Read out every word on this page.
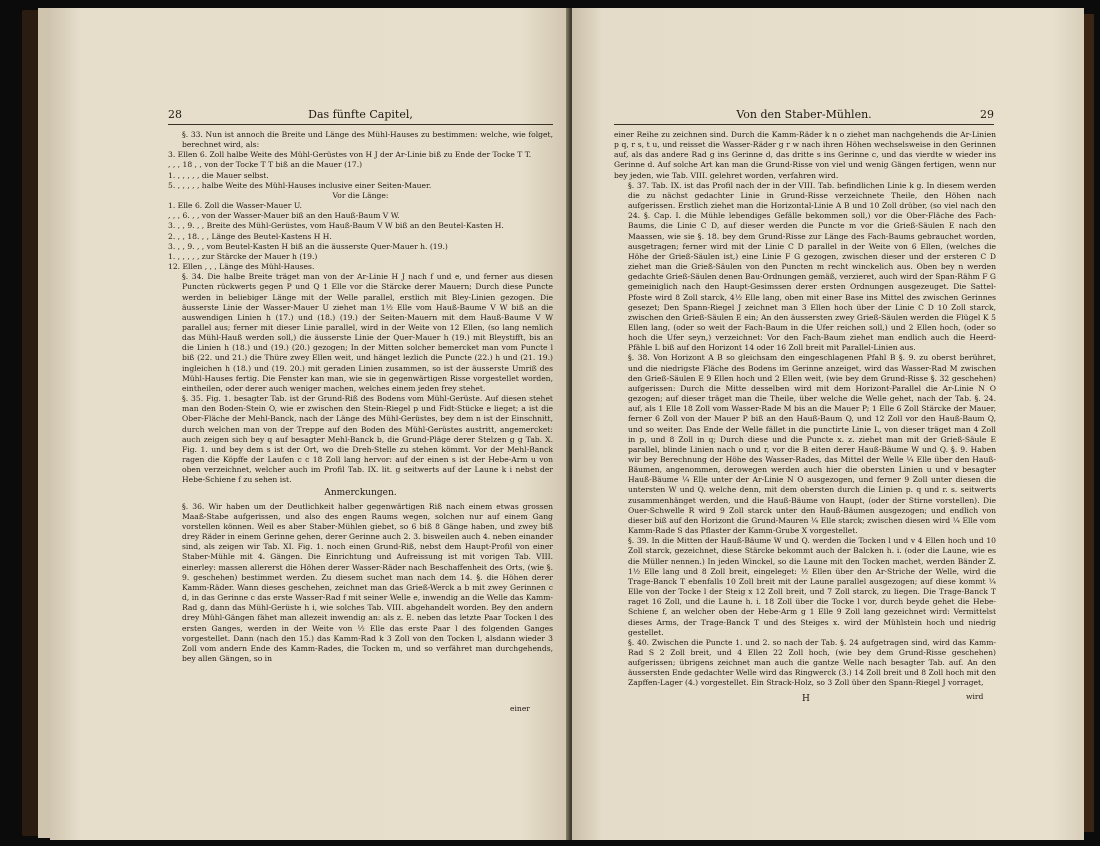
28	Das fünfte Capitel,

§. 33. Nun ist annoch die Breite und Länge des Mühl-Hauses zu bestimmen: welche, wie folget, berechnet wird, als:

3. Ellen 6. Zoll halbe Weite des Mühl-Gerüstes von H J der Ar-Linie biß zu Ende der Tocke T T.

, , , 18 , , von der Tocke T T biß an die Mauer (17.)

1. , , , , , die Mauer selbst.

5. , , , , , halbe Weite des Mühl-Hauses inclusive einer Seiten-Mauer.

Vor die Länge:

1. Elle 6. Zoll die Wasser-Mauer U.

, , , 6. , , von der Wasser-Mauer biß an den Hauß-Baum V W.

3. , , 9. , , Breite des Mühl-Gerüstes, vom Hauß-Baum V W biß an den Beutel-Kasten H.

2. , , 18. , , Länge des Beutel-Kastens H H.

3. , , 9. , , vom Beutel-Kasten H biß an die äusserste Quer-Mauer h. (19.)

1. , , , , , zur Stärcke der Mauer h (19.)

12. Ellen , , , Länge des Mühl-Hauses.

§. 34. Die halbe Breite träget man von der Ar-Linie H J nach f und e, und ferner aus diesen Puncten rückwerts gegen P und Q 1 Elle vor die Stärcke derer Mauern; Durch diese Puncte werden in beliebiger Länge mit der Welle parallel, erstlich mit Bley-Linien gezogen. Die äusserste Linie der Wasser-Mauer U ziehet man 1½ Elle vom Hauß-Baume V W biß an die auswendigen Linien h (17.) und (18.) (19.) der Seiten-Mauern mit dem Hauß-Baume V W parallel aus; ferner mit dieser Linie parallel, wird in der Weite von 12 Ellen, (so lang nemlich das Mühl-Hauß werden soll,) die äusserste Linie der Quer-Mauer h (19.) mit Bleystifft, bis an die Linien h (18.) und (19.) (20.) gezogen; In der Mitten solcher bemercket man vom Puncte l biß (22. und 21.) die Thüre zwey Ellen weit, und hänget lezlich die Puncte (22.) h und (21. 19.) ingleichen h (18.) und (19. 20.) mit geraden Linien zusammen, so ist der äusserste Umriß des Mühl-Hauses fertig. Die Fenster kan man, wie sie in gegenwärtigen Risse vorgestellet worden, eintheilen, oder derer auch weniger machen, welches einem jeden frey stehet.

§. 35. Fig. 1. besagter Tab. ist der Grund-Riß des Bodens vom Mühl-Gerüste. Auf diesen stehet man den Boden-Stein O, wie er zwischen den Stein-Riegel p und Fidt-Stücke e lieget; a ist die Ober-Fläche der Mehl-Banck, nach der Länge des Mühl-Gerüstes, bey dem n ist der Einschnitt, durch welchen man von der Treppe auf den Boden des Mühl-Gerüstes austritt, angemercket: auch zeigen sich bey q auf besagter Mehl-Banck b, die Grund-Pläge derer Stelzen g g Tab. X. Fig. 1. und bey dem s ist der Ort, wo die Dreh-Stelle zu stehen kömmt. Vor der Mehl-Banck ragen die Köpffe der Laufen c c 18 Zoll lang hervor: auf der einen s ist der Hebe-Arm u von oben verzeichnet, welcher auch im Profil Tab. IX. lit. g seitwerts auf der Laune k i nebst der Hebe-Schiene f zu sehen ist.

Anmerckungen.

§. 36. Wir haben um der Deutlichkeit halber gegenwärtigen Riß nach einem etwas grossen Maaß-Stabe aufgerissen, und also des engen Raums wegen, solchen nur auf einem Gang vorstellen können. Weil es aber Staber-Mühlen giebet, so 6 biß 8 Gänge haben, und zwey biß drey Räder in einem Gerinne gehen, derer Gerinne auch 2. 3. bisweilen auch 4. neben einander sind, als zeigen wir Tab. XI. Fig. 1. noch einen Grund-Riß, nebst dem Haupt-Profil von einer Staber-Mühle mit 4. Gängen. Die Einrichtung und Aufreissung ist mit vorigen Tab. VIII. einerley: massen allererst die Höhen derer Wasser-Räder nach Beschaffenheit des Orts, (wie §. 9. geschehen) bestimmet werden. Zu diesem suchet man nach dem 14. §. die Höhen derer Kamm-Räder. Wann dieses geschehen, zeichnet man das Grieß-Werck a b mit zwey Gerinnen c d, in das Gerinne c das erste Wasser-Rad f mit seiner Welle e, inwendig an die Welle das Kamm-Rad g, dann das Mühl-Gerüste h i, wie solches Tab. VIII. abgehandelt worden. Bey den andern drey Mühl-Gängen fähet man allezeit inwendig an: als z. E. neben das letzte Paar Tocken l des ersten Ganges, werden in der Weite von ½ Elle das erste Paar l des folgenden Ganges vorgestellet. Dann (nach den 15.) das Kamm-Rad k 3 Zoll von den Tocken l, alsdann wieder 3 Zoll vom andern Ende des Kamm-Rades, die Tocken m, und so verfähret man durchgehends, bey allen Gängen, so in

einer
Von den Staber-Mühlen.	29

einer Reihe zu zeichnen sind. Durch die Kamm-Räder k n o ziehet man nachgehends die Ar-Linien p q, r s, t u, und reisset die Wasser-Räder g r w nach ihren Höhen wechselsweise in den Gerinnen auf, als das andere Rad g ins Gerinne d, das dritte s ins Gerinne c, und das vierdte w wieder ins Gerinne d. Auf solche Art kan man die Grund-Risse von viel und wenig Gängen fertigen, wenn nur bey jeden, wie Tab. VIII. gelehret worden, verfahren wird.

§. 37. Tab. IX. ist das Profil nach der in der VIII. Tab. befindlichen Linie k g. In diesem werden die zu nächst gedachter Linie in Grund-Risse verzeichnete Theile, den Höhen nach aufgerissen. Erstlich ziehet man die Horizontal-Linie A B und 10 Zoll drüber, (so viel nach den 24. §. Cap. I. die Mühle lebendiges Gefälle bekommen soll,) vor die Ober-Fläche des Fach-Baums, die Linie C D, auf dieser werden die Puncte m vor die Grieß-Säulen E nach den Maassen, wie sie §. 18. bey dem Grund-Risse zur Länge des Fach-Baums gebrauchet worden, ausgetragen; ferner wird mit der Linie C D parallel in der Weite von 6 Ellen, (welches die Höhe der Grieß-Säulen ist,) eine Linie F G gezogen, zwischen dieser und der ersteren C D ziehet man die Grieß-Säulen von den Puncten m recht winckelich aus. Oben bey n werden gedachte Grieß-Säulen denen Bau-Ordnungen gemäß, verzieret, auch wird der Span-Rähm F G gemeiniglich nach den Haupt-Gesimssen derer ersten Ordnungen ausgezeuget. Die Sattel-Pfoste wird 8 Zoll starck, 4½ Elle lang, oben mit einer Base ins Mittel des zwischen Gerinnes gesezet; Den Spann-Riegel J zeichnet man 3 Ellen hoch über der Linie C D 10 Zoll starck, zwischen den Grieß-Säulen E ein; An den äussersten zwey Grieß-Säulen werden die Flügel K 5 Ellen lang, (oder so weit der Fach-Baum in die Ufer reichen soll,) und 2 Ellen hoch, (oder so hoch die Ufer seyn,) verzeichnet: Vor den Fach-Baum ziehet man endlich auch die Heerd-Pfähle L biß auf den Horizont 14 oder 16 Zoll breit mit Parallel-Linien aus.

§. 38. Von Horizont A B so gleichsam den eingeschlagenen Pfahl B §. 9. zu oberst berühret, und die niedrigste Fläche des Bodens im Gerinne anzeiget, wird das Wasser-Rad M zwischen den Grieß-Säulen E 9 Ellen hoch und 2 Ellen weit, (wie bey dem Grund-Risse §. 32 geschehen) aufgerissen: Durch die Mitte desselben wird mit dem Horizont-Parallel die Ar-Linie N O gezogen; auf dieser träget man die Theile, über welche die Welle gehet, nach der Tab. §. 24. auf, als 1 Elle 18 Zoll vom Wasser-Rade M bis an die Mauer P; 1 Elle 6 Zoll Stärcke der Mauer, ferner 6 Zoll von der Mauer P biß an den Hauß-Baum Q, und 12 Zoll vor den Hauß-Baum Q, und so weiter. Das Ende der Welle fället in die punctirte Linie L, von dieser träget man 4 Zoll in p, und 8 Zoll in q; Durch diese und die Puncte x. z. ziehet man mit der Grieß-Säule E parallel, blinde Linien nach o und r, vor die B eiten derer Hauß-Bäume W und Q. §. 9. Haben wir bey Berechnung der Höhe des Wasser-Rades, das Mittel der Welle ¼ Elle über den Hauß-Bäumen, angenommen, derowegen werden auch hier die obersten Linien u und v besagter Hauß-Bäume ¼ Elle unter der Ar-Linie N O ausgezogen, und ferner 9 Zoll unter diesen die untersten W und Q. welche denn, mit dem obersten durch die Linien p. q und r. s. seitwerts zusammenhänget werden, und die Hauß-Bäume von Haupt, (oder der Stirne vorstellen). Die Ouer-Schwelle R wird 9 Zoll starck unter den Hauß-Bäumen ausgezogen; und endlich von dieser biß auf den Horizont die Grund-Mauren ¼ Elle starck; zwischen diesen wird ¼ Elle vom Kamm-Rade S das Pflaster der Kamm-Grube X vorgestellet.

§. 39. In die Mitten der Hauß-Bäume W und Q. werden die Tocken l und v 4 Ellen hoch und 10 Zoll starck, gezeichnet, diese Stärcke bekommt auch der Balcken h. i. (oder die Laune, wie es die Müller nennen.) In jeden Winckel, so die Laune mit den Tocken machet, werden Bänder Z. 1½ Elle lang und 8 Zoll breit, eingeleget: ½ Ellen über den Ar-Striche der Welle, wird die Trage-Banck T ebenfalls 10 Zoll breit mit der Laune parallel ausgezogen; auf diese kommt ¼ Elle von der Tocke l der Steig x 12 Zoll breit, und 7 Zoll starck, zu liegen. Die Trage-Banck T raget 16 Zoll, und die Laune h. i. 18 Zoll über die Tocke l vor, durch beyde gehet die Hebe-Schiene f, an welcher oben der Hebe-Arm g 1 Elle 9 Zoll lang gezeichnet wird: Vermittelst dieses Arms, der Trage-Banck T und des Steiges x. wird der Mühlstein hoch und niedrig gestellet.

§. 40. Zwischen die Puncte 1. und 2. so nach der Tab. §. 24 aufgetragen sind, wird das Kamm-Rad S 2 Zoll breit, und 4 Ellen 22 Zoll hoch, (wie bey dem Grund-Risse geschehen) aufgerissen; übrigens zeichnet man auch die gantze Welle nach besagter Tab. auf. An den äussersten Ende gedachter Welle wird das Ringwerck (3.) 14 Zoll breit und 8 Zoll hoch mit den Zapffen-Lager (4.) vorgestellet. Ein Strack-Holz, so 3 Zoll über den Spann-Riegel J vorraget,

H	wird
